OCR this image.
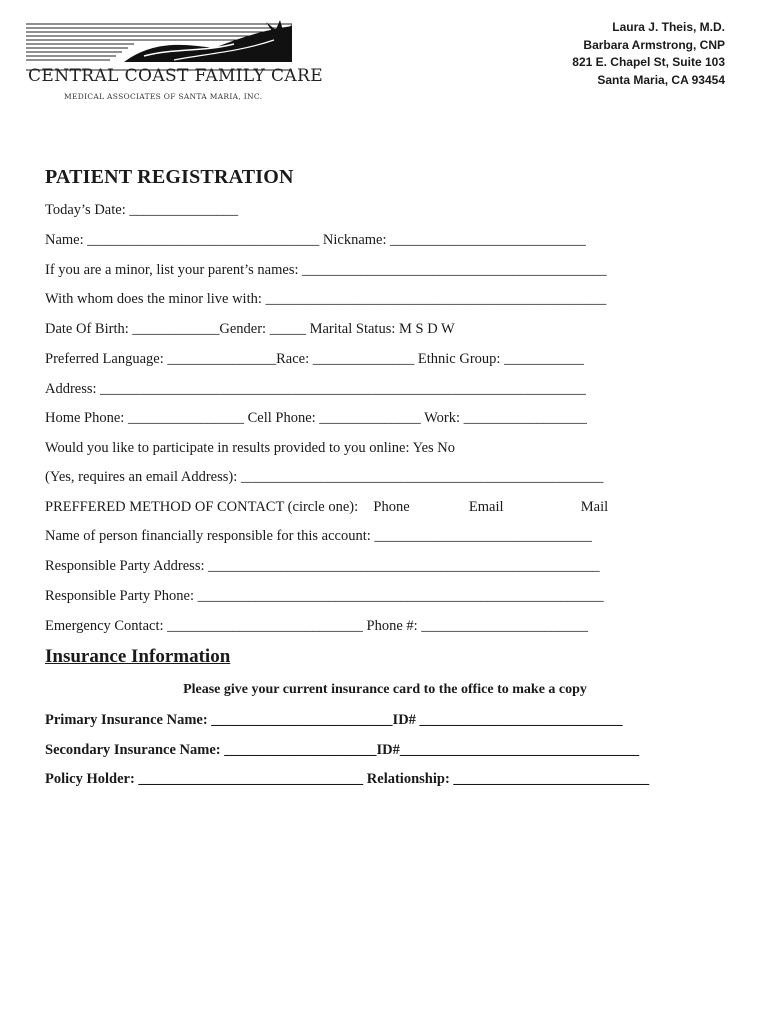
CENTRAL COAST FAMILY CARE
MEDICAL ASSOCIATES OF SANTA MARIA, INC.
Laura J. Theis, M.D.
Barbara Armstrong, CNP
821 E. Chapel St, Suite 103
Santa Maria, CA 93454
PATIENT REGISTRATION
Today’s Date: _______________
Name: ________________________________ Nickname: ___________________________
If you are a minor, list your parent’s names: __________________________________________
With whom does the minor live with: _______________________________________________
Date Of Birth: ____________Gender: _____ Marital Status: M S D W
Preferred Language: _______________Race: ______________ Ethnic Group: ___________
Address: ___________________________________________________________________
Home Phone: ________________ Cell Phone: ______________ Work: _________________
Would you like to participate in results provided to you online: Yes No
(Yes, requires an email Address): __________________________________________________
PREFFERED METHOD OF CONTACT (circle one): Phone	Email	Mail
Name of person financially responsible for this account: ______________________________
Responsible Party Address: ______________________________________________________
Responsible Party Phone: ________________________________________________________
Emergency Contact: ___________________________ Phone #: _______________________
Insurance Information
Please give your current insurance card to the office to make a copy
Primary Insurance Name: _________________________ID# ____________________________
Secondary Insurance Name: _____________________ID#_________________________________
Policy Holder: _______________________________ Relationship: ___________________________
